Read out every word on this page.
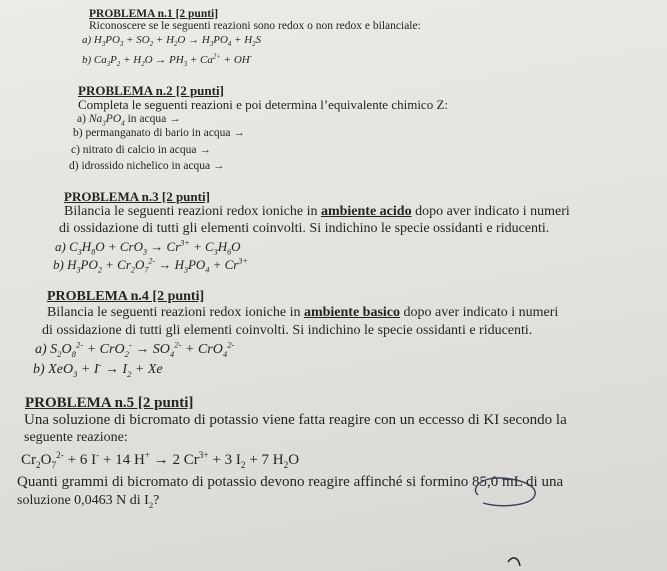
PROBLEMA n.1 [2 punti]
Riconoscere se le seguenti reazioni sono redox o non redox e bilanciale:
a) $H_3PO_3 + SO_2 + H_2O \to H_3PO_4 + H_2S$
b) $Ca_3P_2 + H_2O \to PH_3 + Ca^{2+} + OH^-$
PROBLEMA n.2 [2 punti]
Completa le seguenti reazioni e poi determina l’equivalente chimico Z:
a) $Na_3PO_4$ in acqua →
b) permanganato di bario in acqua →
c) nitrato di calcio in acqua →
d) idrossido nichelico in acqua →
PROBLEMA n.3 [2 punti]
Bilancia le seguenti reazioni redox ioniche in ambiente acido dopo aver indicato i numeri
di ossidazione di tutti gli elementi coinvolti. Si indichino le specie ossidanti e riducenti.
a) $C_3H_8O + CrO_3 \to Cr^{3+} + C_3H_6O$
b) $H_3PO_2 + Cr_2O_7^{2-} \to H_3PO_4 + Cr^{3+}$
PROBLEMA n.4 [2 punti]
Bilancia le seguenti reazioni redox ioniche in ambiente basico dopo aver indicato i numeri
di ossidazione di tutti gli elementi coinvolti. Si indichino le specie ossidanti e riducenti.
a) $S_2O_8^{2-} + CrO_2^- \to SO_4^{2-} + CrO_4^{2-}$
b) $XeO_3 + I^- \to I_2 + Xe$
PROBLEMA n.5 [2 punti]
Una soluzione di bicromato di potassio viene fatta reagire con un eccesso di KI secondo la
seguente reazione:
$Cr_2O_7^{2-} + 6$ I- + 14 H+ → 2 $Cr^{3+} + 3$ $I_2 + 7$ $H_2O$
Quanti grammi di bicromato di potassio devono reagire affinché si formino 85,0 mL di una
soluzione 0,0463 N di $I_2$?
